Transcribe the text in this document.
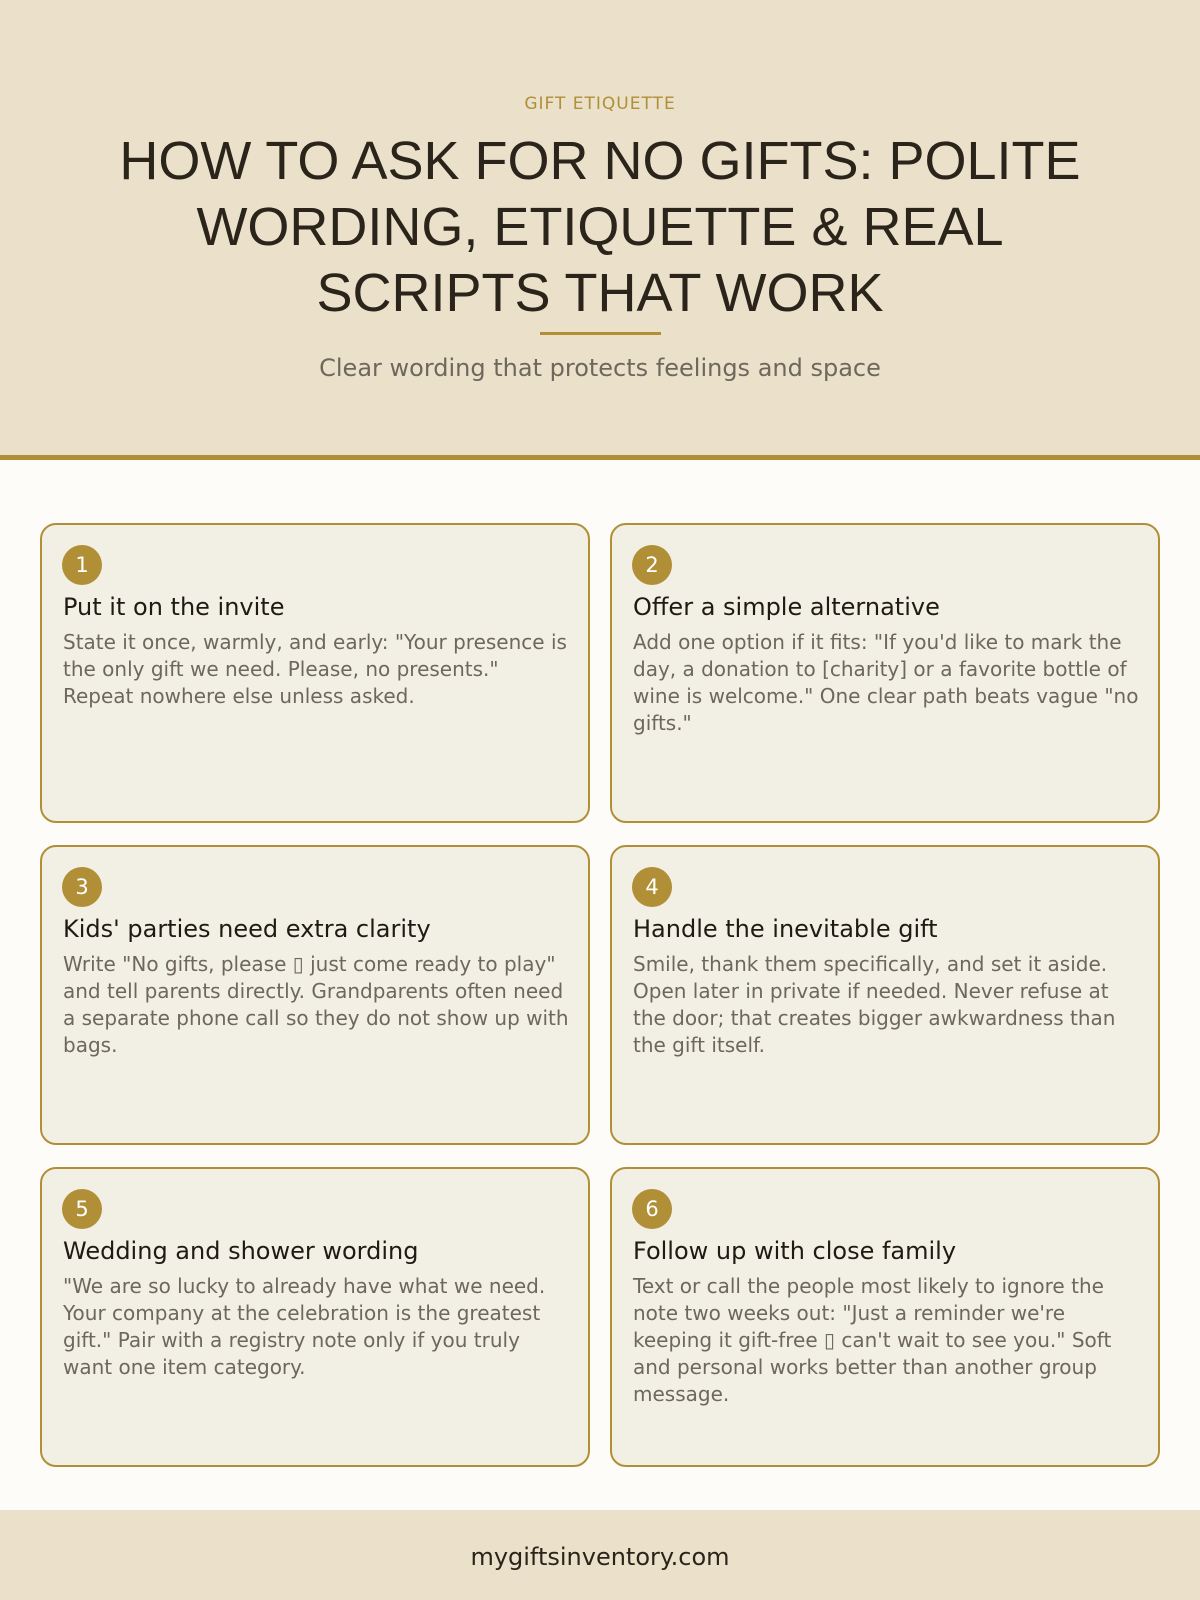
GIFT ETIQUETTE
HOW TO ASK FOR NO GIFTS: POLITE WORDING, ETIQUETTE & REAL SCRIPTS THAT WORK
Clear wording that protects feelings and space
1
Put it on the invite
State it once, warmly, and early: "Your presence is the only gift we need. Please, no presents." Repeat nowhere else unless asked.
2
Offer a simple alternative
Add one option if it fits: "If you'd like to mark the day, a donation to [charity] or a favorite bottle of wine is welcome." One clear path beats vague "no gifts."
3
Kids' parties need extra clarity
Write "No gifts, please ▯ just come ready to play" and tell parents directly. Grandparents often need a separate phone call so they do not show up with bags.
4
Handle the inevitable gift
Smile, thank them specifically, and set it aside. Open later in private if needed. Never refuse at the door; that creates bigger awkwardness than the gift itself.
5
Wedding and shower wording
"We are so lucky to already have what we need. Your company at the celebration is the greatest gift." Pair with a registry note only if you truly want one item category.
6
Follow up with close family
Text or call the people most likely to ignore the note two weeks out: "Just a reminder we're keeping it gift-free ▯ can't wait to see you." Soft and personal works better than another group message.
mygiftsinventory.com
